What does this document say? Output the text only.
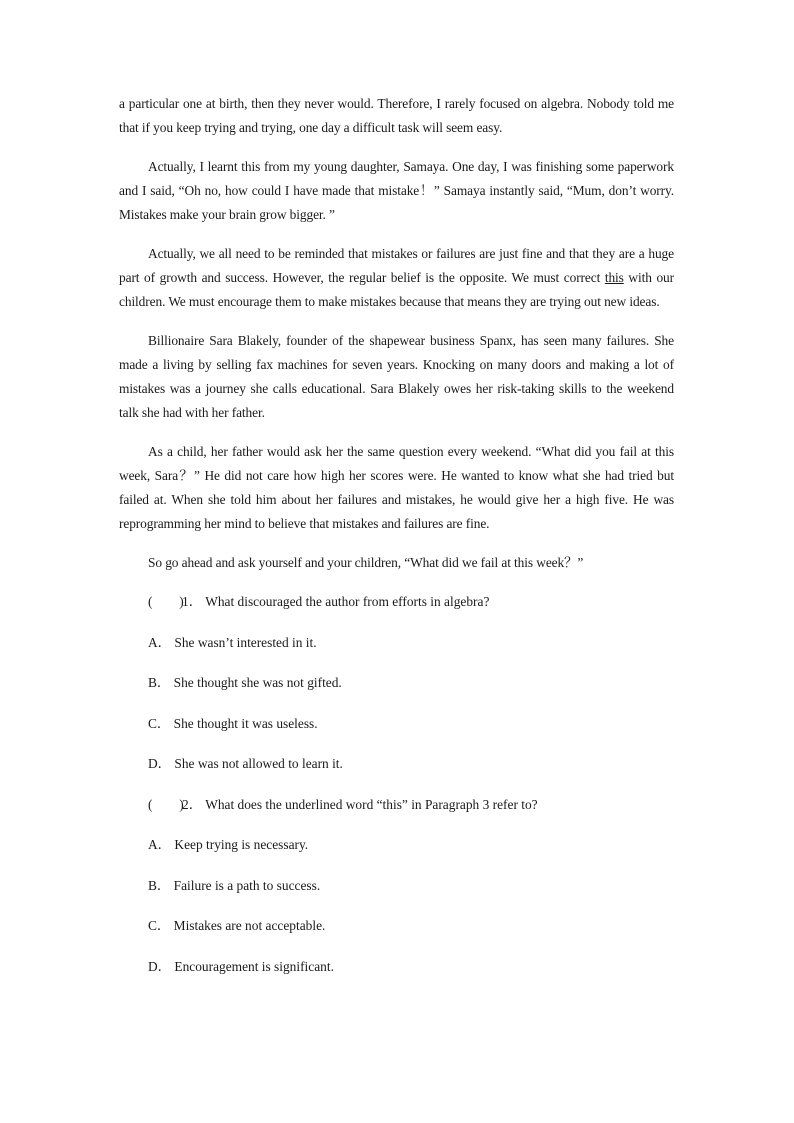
a particular one at birth, then they never would. Therefore, I rarely focused on algebra. Nobody told me that if you keep trying and trying, one day a difficult task will seem easy.

Actually, I learnt this from my young daughter, Samaya. One day, I was finishing some paperwork and I said, “Oh no, how could I have made that mistake！” Samaya instantly said, “Mum, don’t worry. Mistakes make your brain grow bigger. ”

Actually, we all need to be reminded that mistakes or failures are just fine and that they are a huge part of growth and success. However, the regular belief is the opposite. We must correct this with our children. We must encourage them to make mistakes because that means they are trying out new ideas.

Billionaire Sara Blakely, founder of the shapewear business Spanx, has seen many failures. She made a living by selling fax machines for seven years. Knocking on many doors and making a lot of mistakes was a journey she calls educational. Sara Blakely owes her risk-taking skills to the weekend talk she had with her father.

As a child, her father would ask her the same question every weekend. “What did you fail at this week, Sara？” He did not care how high her scores were. He wanted to know what she had tried but failed at. When she told him about her failures and mistakes, he would give her a high five. He was reprogramming her mind to believe that mistakes and failures are fine.

So go ahead and ask yourself and your children, “What did we fail at this week？”

(        )1． What discouraged the author from efforts in algebra?

A． She wasn’t interested in it.

B． She thought she was not gifted.

C． She thought it was useless.

D． She was not allowed to learn it.

(        )2． What does the underlined word “this” in Paragraph 3 refer to?

A． Keep trying is necessary.

B． Failure is a path to success.

C． Mistakes are not acceptable.

D． Encouragement is significant.
